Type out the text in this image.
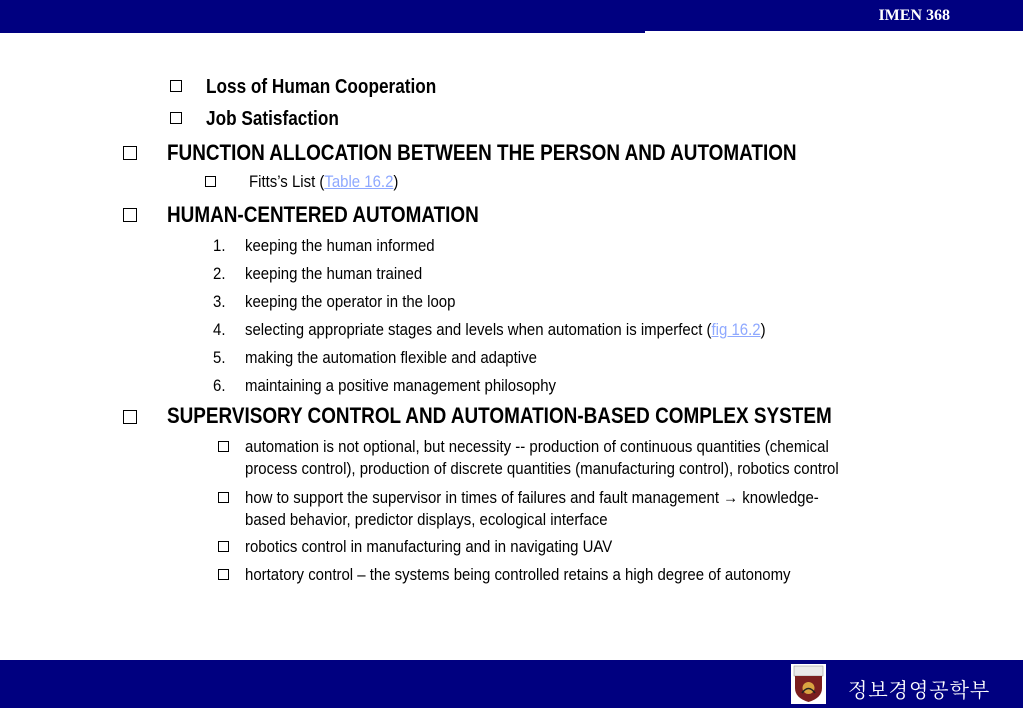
IMEN 368
Loss of Human Cooperation
Job Satisfaction
FUNCTION ALLOCATION BETWEEN THE PERSON AND AUTOMATION
Fitts’s List (Table 16.2)
HUMAN-CENTERED AUTOMATION
1. keeping the human informed
2. keeping the human trained
3. keeping the operator in the loop
4. selecting appropriate stages and levels when automation is imperfect (fig 16.2)
5. making the automation flexible and adaptive
6. maintaining a positive management philosophy
SUPERVISORY CONTROL AND AUTOMATION-BASED COMPLEX SYSTEM
automation is not optional, but necessity -- production of continuous quantities (chemical
process control), production of discrete quantities (manufacturing control), robotics control
how to support the supervisor in times of failures and fault management → knowledge-
based behavior, predictor displays, ecological interface
robotics control in manufacturing and in navigating UAV
hortatory control – the systems being controlled retains a high degree of autonomy
정보경영공학부
